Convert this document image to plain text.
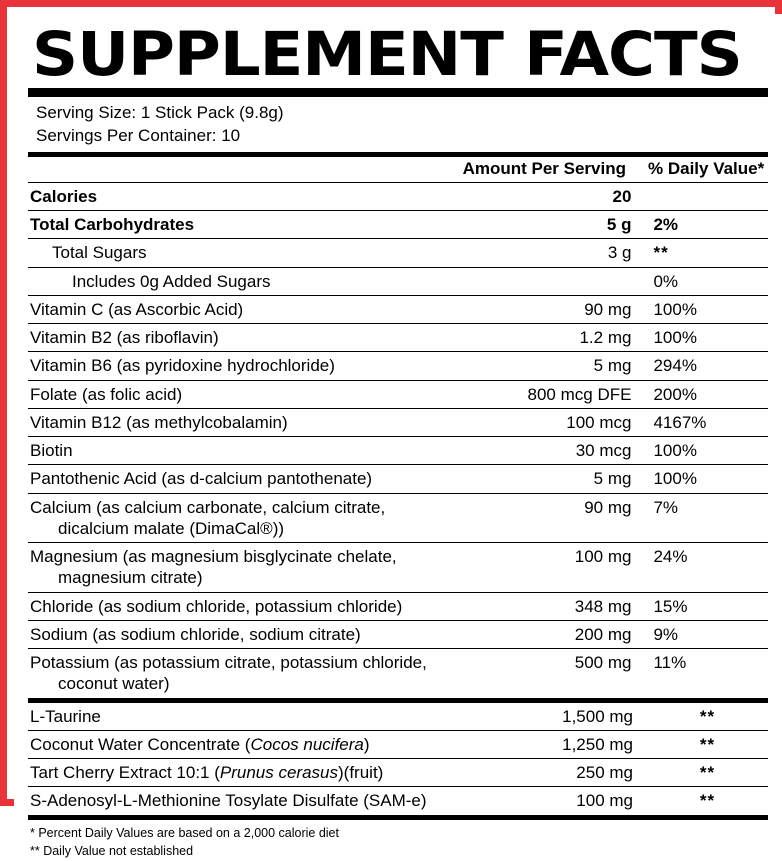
SUPPLEMENT FACTS
Serving Size: 1 Stick Pack (9.8g)
Servings Per Container: 10
	Amount Per Serving	% Daily Value*
Calories	20	
Total Carbohydrates	5 g	2%
Total Sugars	3 g	**
Includes 0g Added Sugars		0%
Vitamin C (as Ascorbic Acid)	90 mg	100%
Vitamin B2 (as riboflavin)	1.2 mg	100%
Vitamin B6 (as pyridoxine hydrochloride)	5 mg	294%
Folate (as folic acid)	800 mcg DFE	200%
Vitamin B12 (as methylcobalamin)	100 mcg	4167%
Biotin	30 mcg	100%
Pantothenic Acid (as d-calcium pantothenate)	5 mg	100%
Calcium (as calcium carbonate, calcium citrate,
dicalcium malate (DimaCal®))	90 mg	7%
Magnesium (as magnesium bisglycinate chelate,
magnesium citrate)	100 mg	24%
Chloride (as sodium chloride, potassium chloride)	348 mg	15%
Sodium (as sodium chloride, sodium citrate)	200 mg	9%
Potassium (as potassium citrate, potassium chloride,
coconut water)	500 mg	11%
L-Taurine	1,500 mg	**
Coconut Water Concentrate (Cocos nucifera)	1,250 mg	**
Tart Cherry Extract 10:1 (Prunus cerasus)(fruit)	250 mg	**
S-Adenosyl-L-Methionine Tosylate Disulfate (SAM-e)	100 mg	**
* Percent Daily Values are based on a 2,000 calorie diet
** Daily Value not established
